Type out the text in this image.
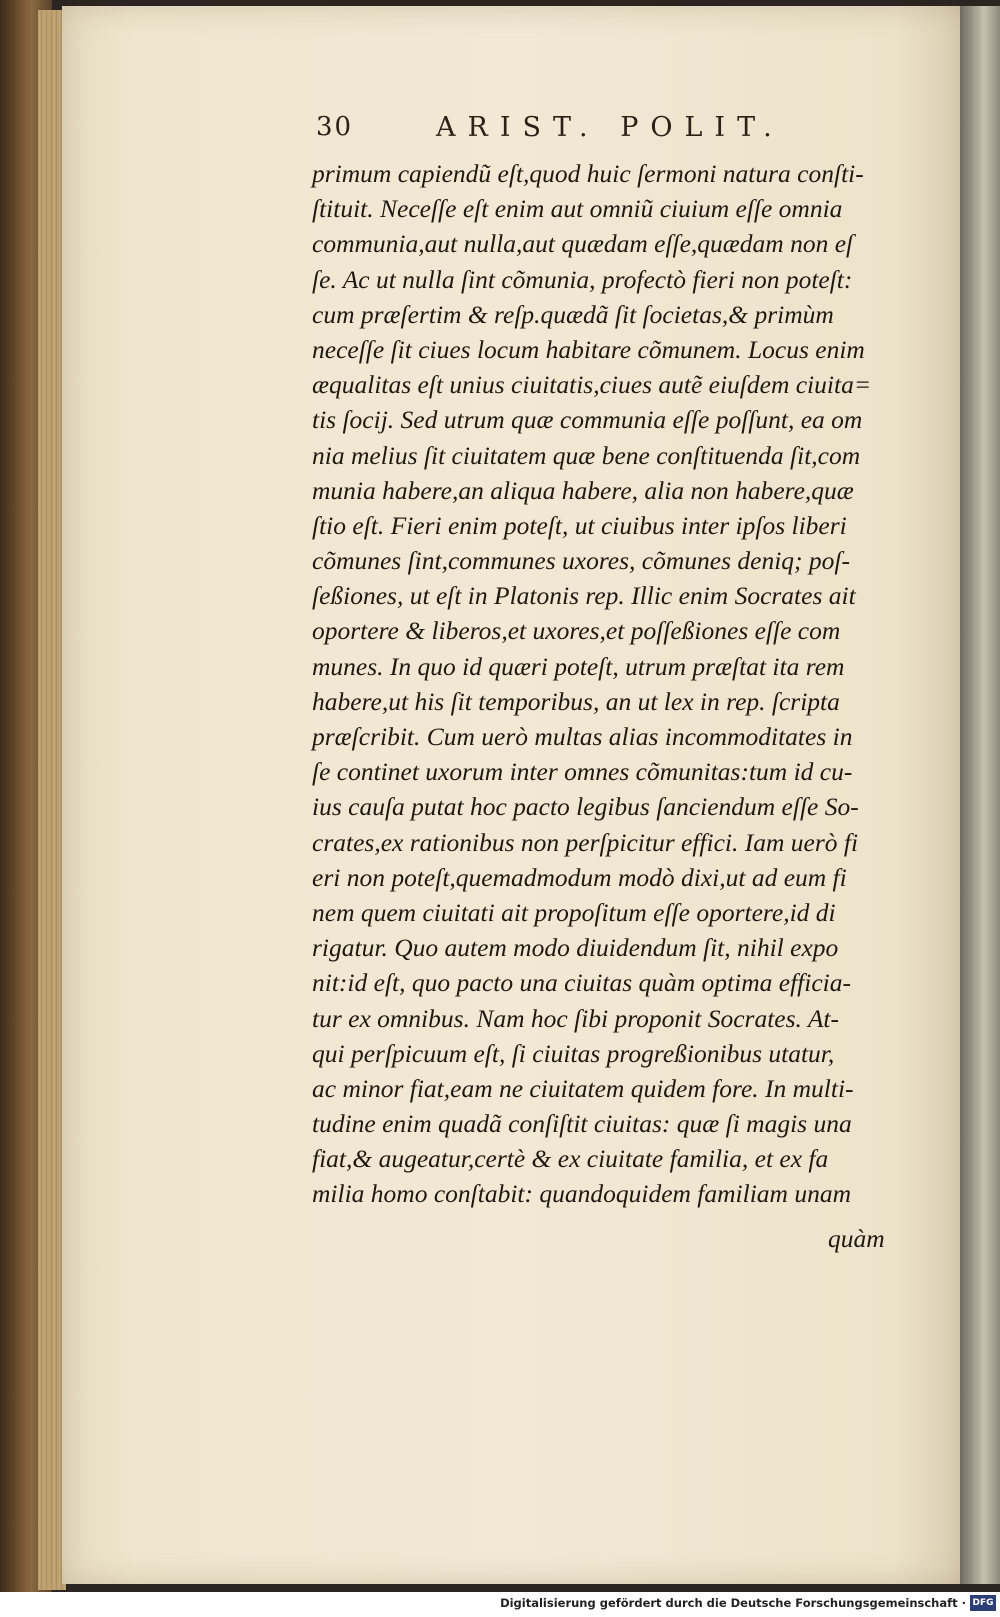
30	ARIST. POLIT.
primum capiendũ eſt,quod huic ſermoni natura conſti-
ſtituit. Neceſſe eſt enim aut omniũ ciuium eſſe omnia
communia,aut nulla,aut quædam eſſe,quædam non eſ
ſe. Ac ut nulla ſint cõmunia, profectò fieri non poteſt:
cum præſertim & reſp.quædã ſit ſocietas,& primùm
neceſſe ſit ciues locum habitare cõmunem. Locus enim
æqualitas eſt unius ciuitatis,ciues autẽ eiuſdem ciuita=
tis ſocij. Sed utrum quæ communia eſſe poſſunt, ea om
nia melius ſit ciuitatem quæ bene conſtituenda ſit,com
munia habere,an aliqua habere, alia non habere,quæ
ſtio eſt. Fieri enim poteſt, ut ciuibus inter ipſos liberi
cõmunes ſint,communes uxores, cõmunes deniq; poſ-
ſeßiones, ut eſt in Platonis rep. Illic enim Socrates ait
oportere & liberos,et uxores,et poſſeßiones eſſe com
munes. In quo id quæri poteſt, utrum præſtat ita rem
habere,ut his ſit temporibus, an ut lex in rep. ſcripta
præſcribit. Cum uerò multas alias incommoditates in
ſe continet uxorum inter omnes cõmunitas:tum id cu-
ius cauſa putat hoc pacto legibus ſanciendum eſſe So-
crates,ex rationibus non perſpicitur effici. Iam uerò fi
eri non poteſt,quemadmodum modò dixi,ut ad eum fi
nem quem ciuitati ait propoſitum eſſe oportere,id di
rigatur. Quo autem modo diuidendum ſit, nihil expo
nit:id eſt, quo pacto una ciuitas quàm optima efficia-
tur ex omnibus. Nam hoc ſibi proponit Socrates. At-
qui perſpicuum eſt, ſi ciuitas progreßionibus utatur,
ac minor fiat,eam ne ciuitatem quidem fore. In multi-
tudine enim quadã conſiſtit ciuitas: quæ ſi magis una
fiat,& augeatur,certè & ex ciuitate familia, et ex fa
milia homo conſtabit: quandoquidem familiam unam
quàm
Digitalisierung gefördert durch die Deutsche Forschungsgemeinschaft · DFG
